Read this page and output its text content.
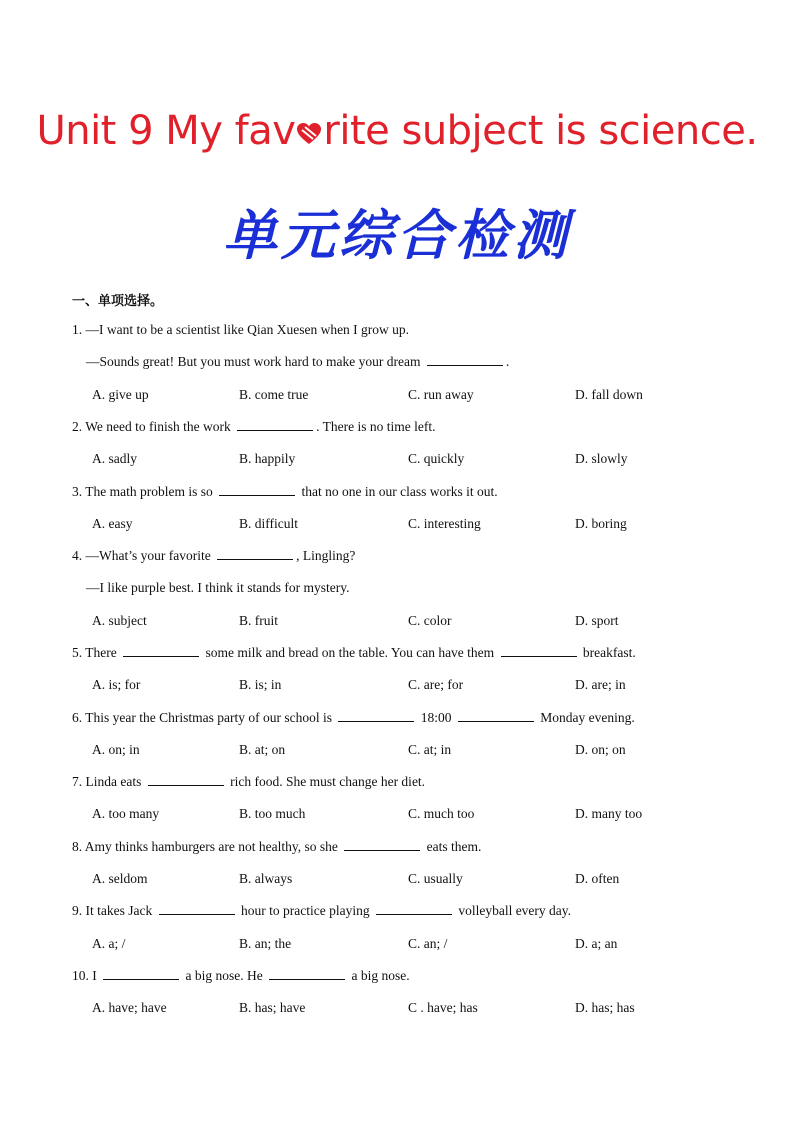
Unit 9 My fav rite subject is science.
单元综合检测
一、单项选择。
1. —I want to be a scientist like Qian Xuesen when I grow up.
—Sounds great! But you must work hard to make your dream	.
A. give up	B. come true	C. run away	D. fall down
2. We need to finish the work	. There is no time left.
A. sadly	B. happily	C. quickly	D. slowly
3. The math problem is so	that no one in our class works it out.
A. easy	B. difficult	C. interesting	D. boring
4. —What’s your favorite	, Lingling?
—I like purple best. I think it stands for mystery.
A. subject	B. fruit	C. color	D. sport
5. There	some milk and bread on the table. You can have them	breakfast.
A. is; for	B. is; in	C. are; for	D. are; in
6. This year the Christmas party of our school is	18:00	Monday evening.
A. on; in	B. at; on	C. at; in	D. on; on
7. Linda eats	rich food. She must change her diet.
A. too many	B. too much	C. much too	D. many too
8. Amy thinks hamburgers are not healthy, so she	eats them.
A. seldom	B. always	C. usually	D. often
9. It takes Jack	hour to practice playing	volleyball every day.
A. a; /	B. an; the	C. an; /	D. a; an
10. I	a big nose. He	a big nose.
A. have; have	B. has; have	C . have; has	D. has; has
